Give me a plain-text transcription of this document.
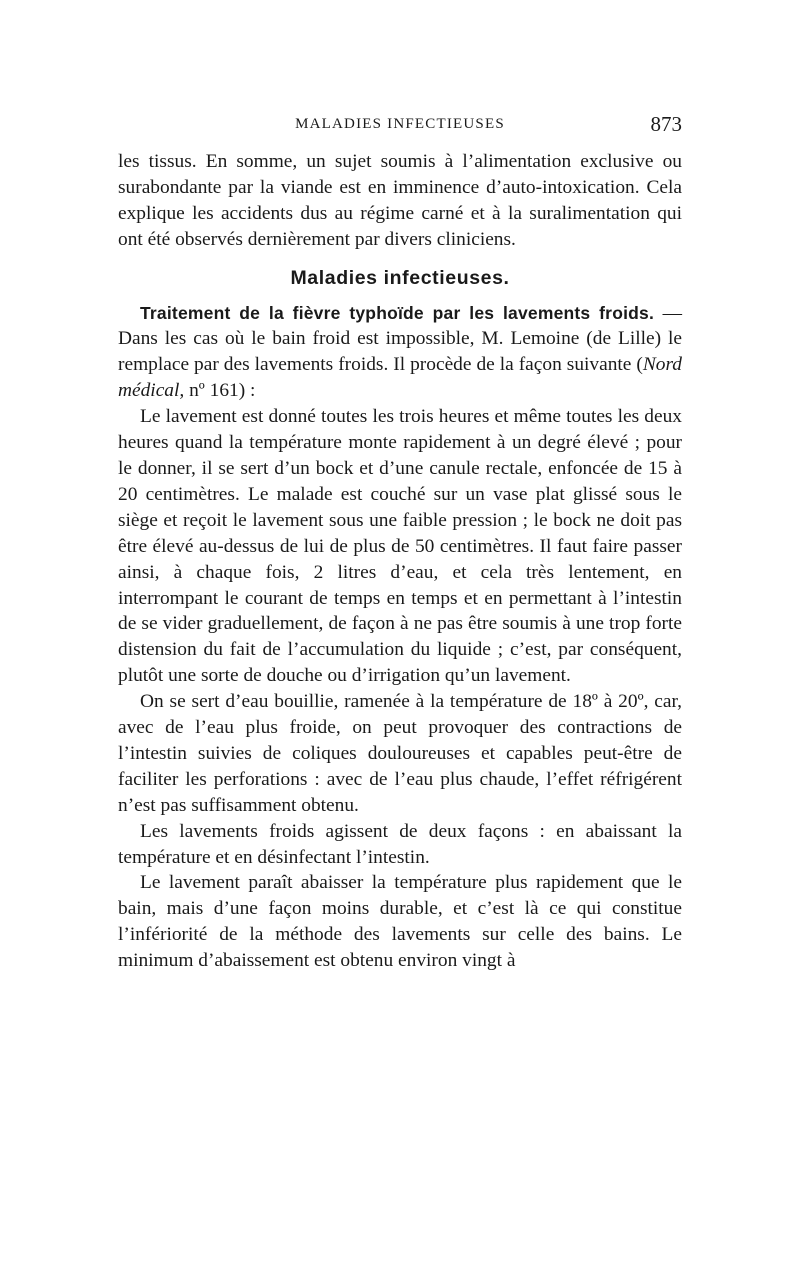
MALADIES INFECTIEUSES	873

les tissus. En somme, un sujet soumis à l’alimentation exclusive ou surabondante par la viande est en imminence d’auto-intoxication. Cela explique les accidents dus au régime carné et à la suralimentation qui ont été observés dernièrement par divers cliniciens.

Maladies infectieuses.

Traitement de la fièvre typhoïde par les lavements froids. — Dans les cas où le bain froid est impossible, M. Lemoine (de Lille) le remplace par des lavements froids. Il procède de la façon suivante (Nord médical, nº 161) :

Le lavement est donné toutes les trois heures et même toutes les deux heures quand la température monte rapidement à un degré élevé ; pour le donner, il se sert d’un bock et d’une canule rectale, enfoncée de 15 à 20 centimètres. Le malade est couché sur un vase plat glissé sous le siège et reçoit le lavement sous une faible pression ; le bock ne doit pas être élevé au-dessus de lui de plus de 50 centimètres. Il faut faire passer ainsi, à chaque fois, 2 litres d’eau, et cela très lentement, en interrompant le courant de temps en temps et en permettant à l’intestin de se vider graduellement, de façon à ne pas être soumis à une trop forte distension du fait de l’accumulation du liquide ; c’est, par conséquent, plutôt une sorte de douche ou d’irrigation qu’un lavement.

On se sert d’eau bouillie, ramenée à la température de 18º à 20º, car, avec de l’eau plus froide, on peut provoquer des contractions de l’intestin suivies de coliques douloureuses et capables peut-être de faciliter les perforations : avec de l’eau plus chaude, l’effet réfrigérent n’est pas suffisamment obtenu.

Les lavements froids agissent de deux façons : en abaissant la température et en désinfectant l’intestin.

Le lavement paraît abaisser la température plus rapidement que le bain, mais d’une façon moins durable, et c’est là ce qui constitue l’infériorité de la méthode des lavements sur celle des bains. Le minimum d’abaissement est obtenu environ vingt à
